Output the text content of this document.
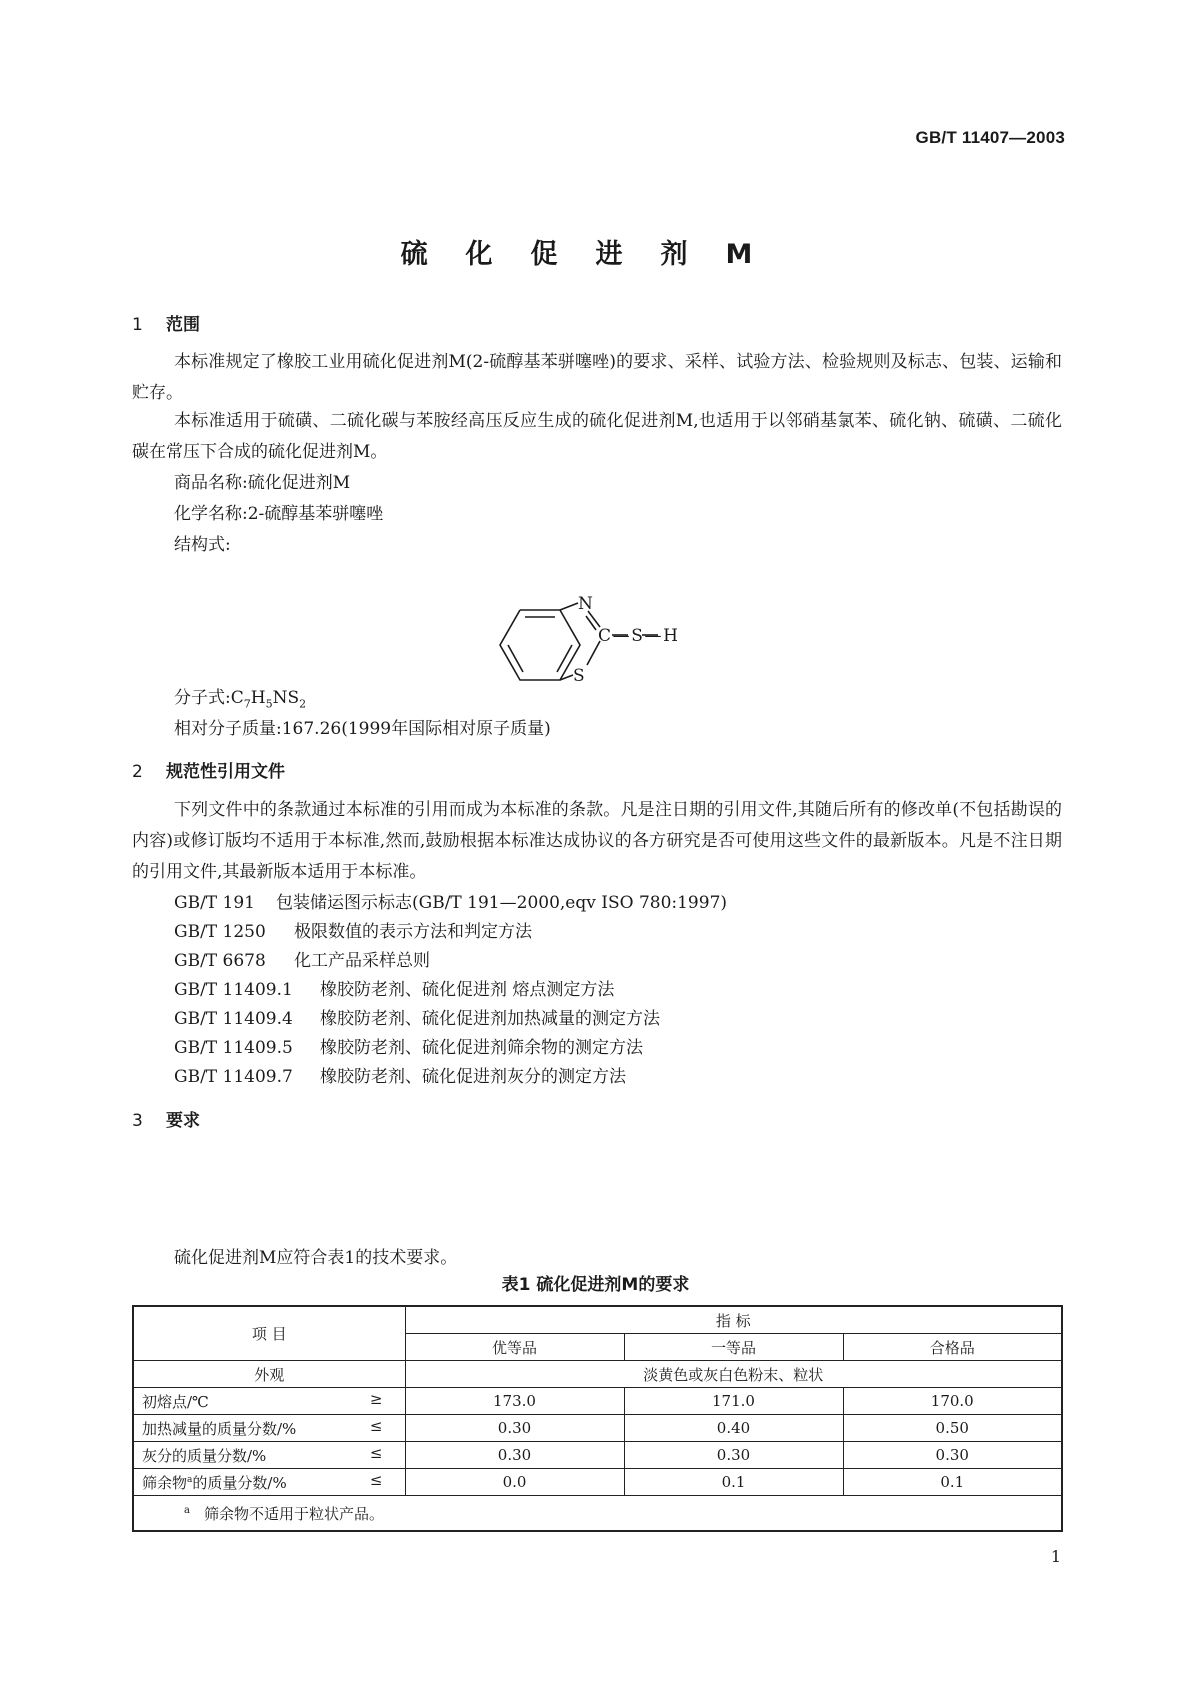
GB/T 11407—2003
硫化促进剂M
1 范围

本标准规定了橡胶工业用硫化促进剂M(2-硫醇基苯骈噻唑)的要求、采样、试验方法、检验规则及标志、包装、运输和贮存。

本标准适用于硫磺、二硫化碳与苯胺经高压反应生成的硫化促进剂M,也适用于以邻硝基氯苯、硫化钠、硫磺、二硫化碳在常压下合成的硫化促进剂M。

商品名称:硫化促进剂M
化学名称:2-硫醇基苯骈噻唑
结构式:
N
S
C—S—H
分子式$:C_7H_5NS_2$
相对分子质量:167.26(1999年国际相对原子质量)
2 规范性引用文件

下列文件中的条款通过本标准的引用而成为本标准的条款。凡是注日期的引用文件,其随后所有的修改单(不包括勘误的内容)或修订版均不适用于本标准,然而,鼓励根据本标准达成协议的各方研究是否可使用这些文件的最新版本。凡是不注日期的引用文件,其最新版本适用于本标准。

GB/T 191 包装储运图示标志(GB/T 191—2000,eqv ISO 780:1997)
GB/T 1250 极限数值的表示方法和判定方法
GB/T 6678 化工产品采样总则
GB/T 11409.1 橡胶防老剂、硫化促进剂 熔点测定方法
GB/T 11409.4 橡胶防老剂、硫化促进剂加热减量的测定方法
GB/T 11409.5 橡胶防老剂、硫化促进剂筛余物的测定方法
GB/T 11409.7 橡胶防老剂、硫化促进剂灰分的测定方法
3 要求
硫化促进剂M应符合表1的技术要求。
表1 硫化促进剂M的要求
项 目	指 标		
	优等品	一等品	合格品
外观	淡黄色或灰白色粉末、粒状		
初熔点/℃ ≥	173.0	171.0	170.0
加热减量的质量分数/% ≤	0.30	0.40	0.50
灰分的质量分数/% ≤	0.30	0.30	0.30
筛余物$^a$的质量分数/% ≤	0.0	0.1	0.1
$^a$ 筛余物不适用于粒状产品。			
1
